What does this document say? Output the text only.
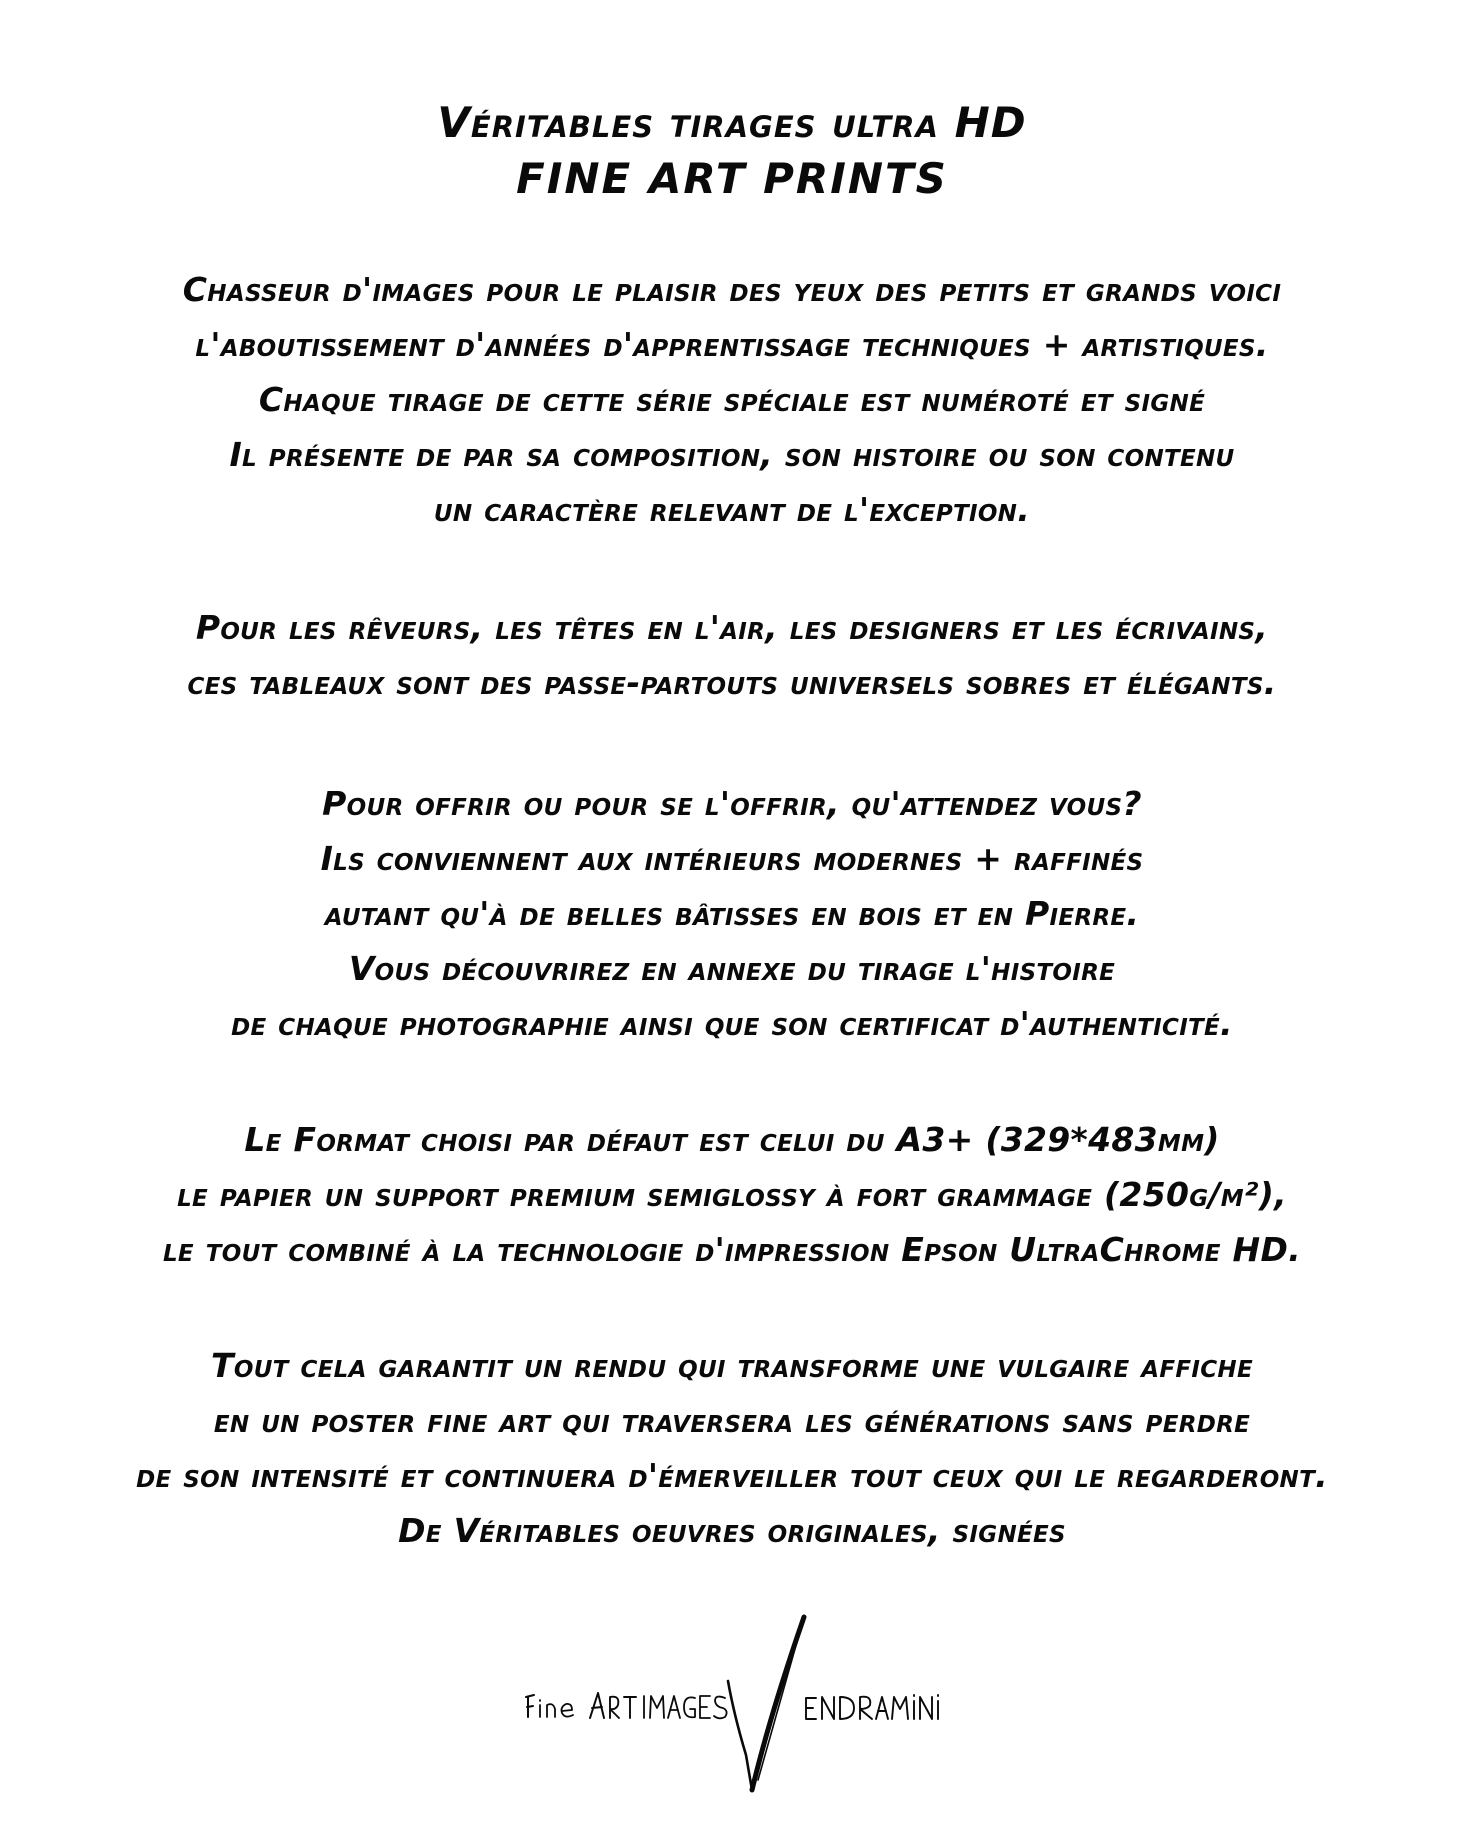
Véritables tirages ultra HD
FINE ART PRINTS
Chasseur d'images pour le plaisir des yeux des petits et grands voici
l'aboutissement d'années d'apprentissage techniques + artistiques.
Chaque tirage de cette série spéciale est numéroté et signé
Il présente de par sa composition, son histoire ou son contenu
un caractère relevant de l'exception.
Pour les rêveurs, les têtes en l'air, les designers et les écrivains,
ces tableaux sont des passe-partouts universels sobres et élégants.
Pour offrir ou pour se l'offrir, qu'attendez vous?
Ils conviennent aux intérieurs modernes + raffinés
autant qu'à de belles bâtisses en bois et en Pierre.
Vous découvrirez en annexe du tirage l'histoire
de chaque photographie ainsi que son certificat d'authenticité.
Le Format choisi par défaut est celui du A3+ (329*483mm)
le papier un support premium semiglossy à fort grammage (250g/m²),
le tout combiné à la technologie d'impression Epson UltraChrome HD.
Tout cela garantit un rendu qui transforme une vulgaire affiche
en un poster fine art qui traversera les générations sans perdre
de son intensité et continuera d'émerveiller tout ceux qui le regarderont.
De Véritables oeuvres originales, signées
